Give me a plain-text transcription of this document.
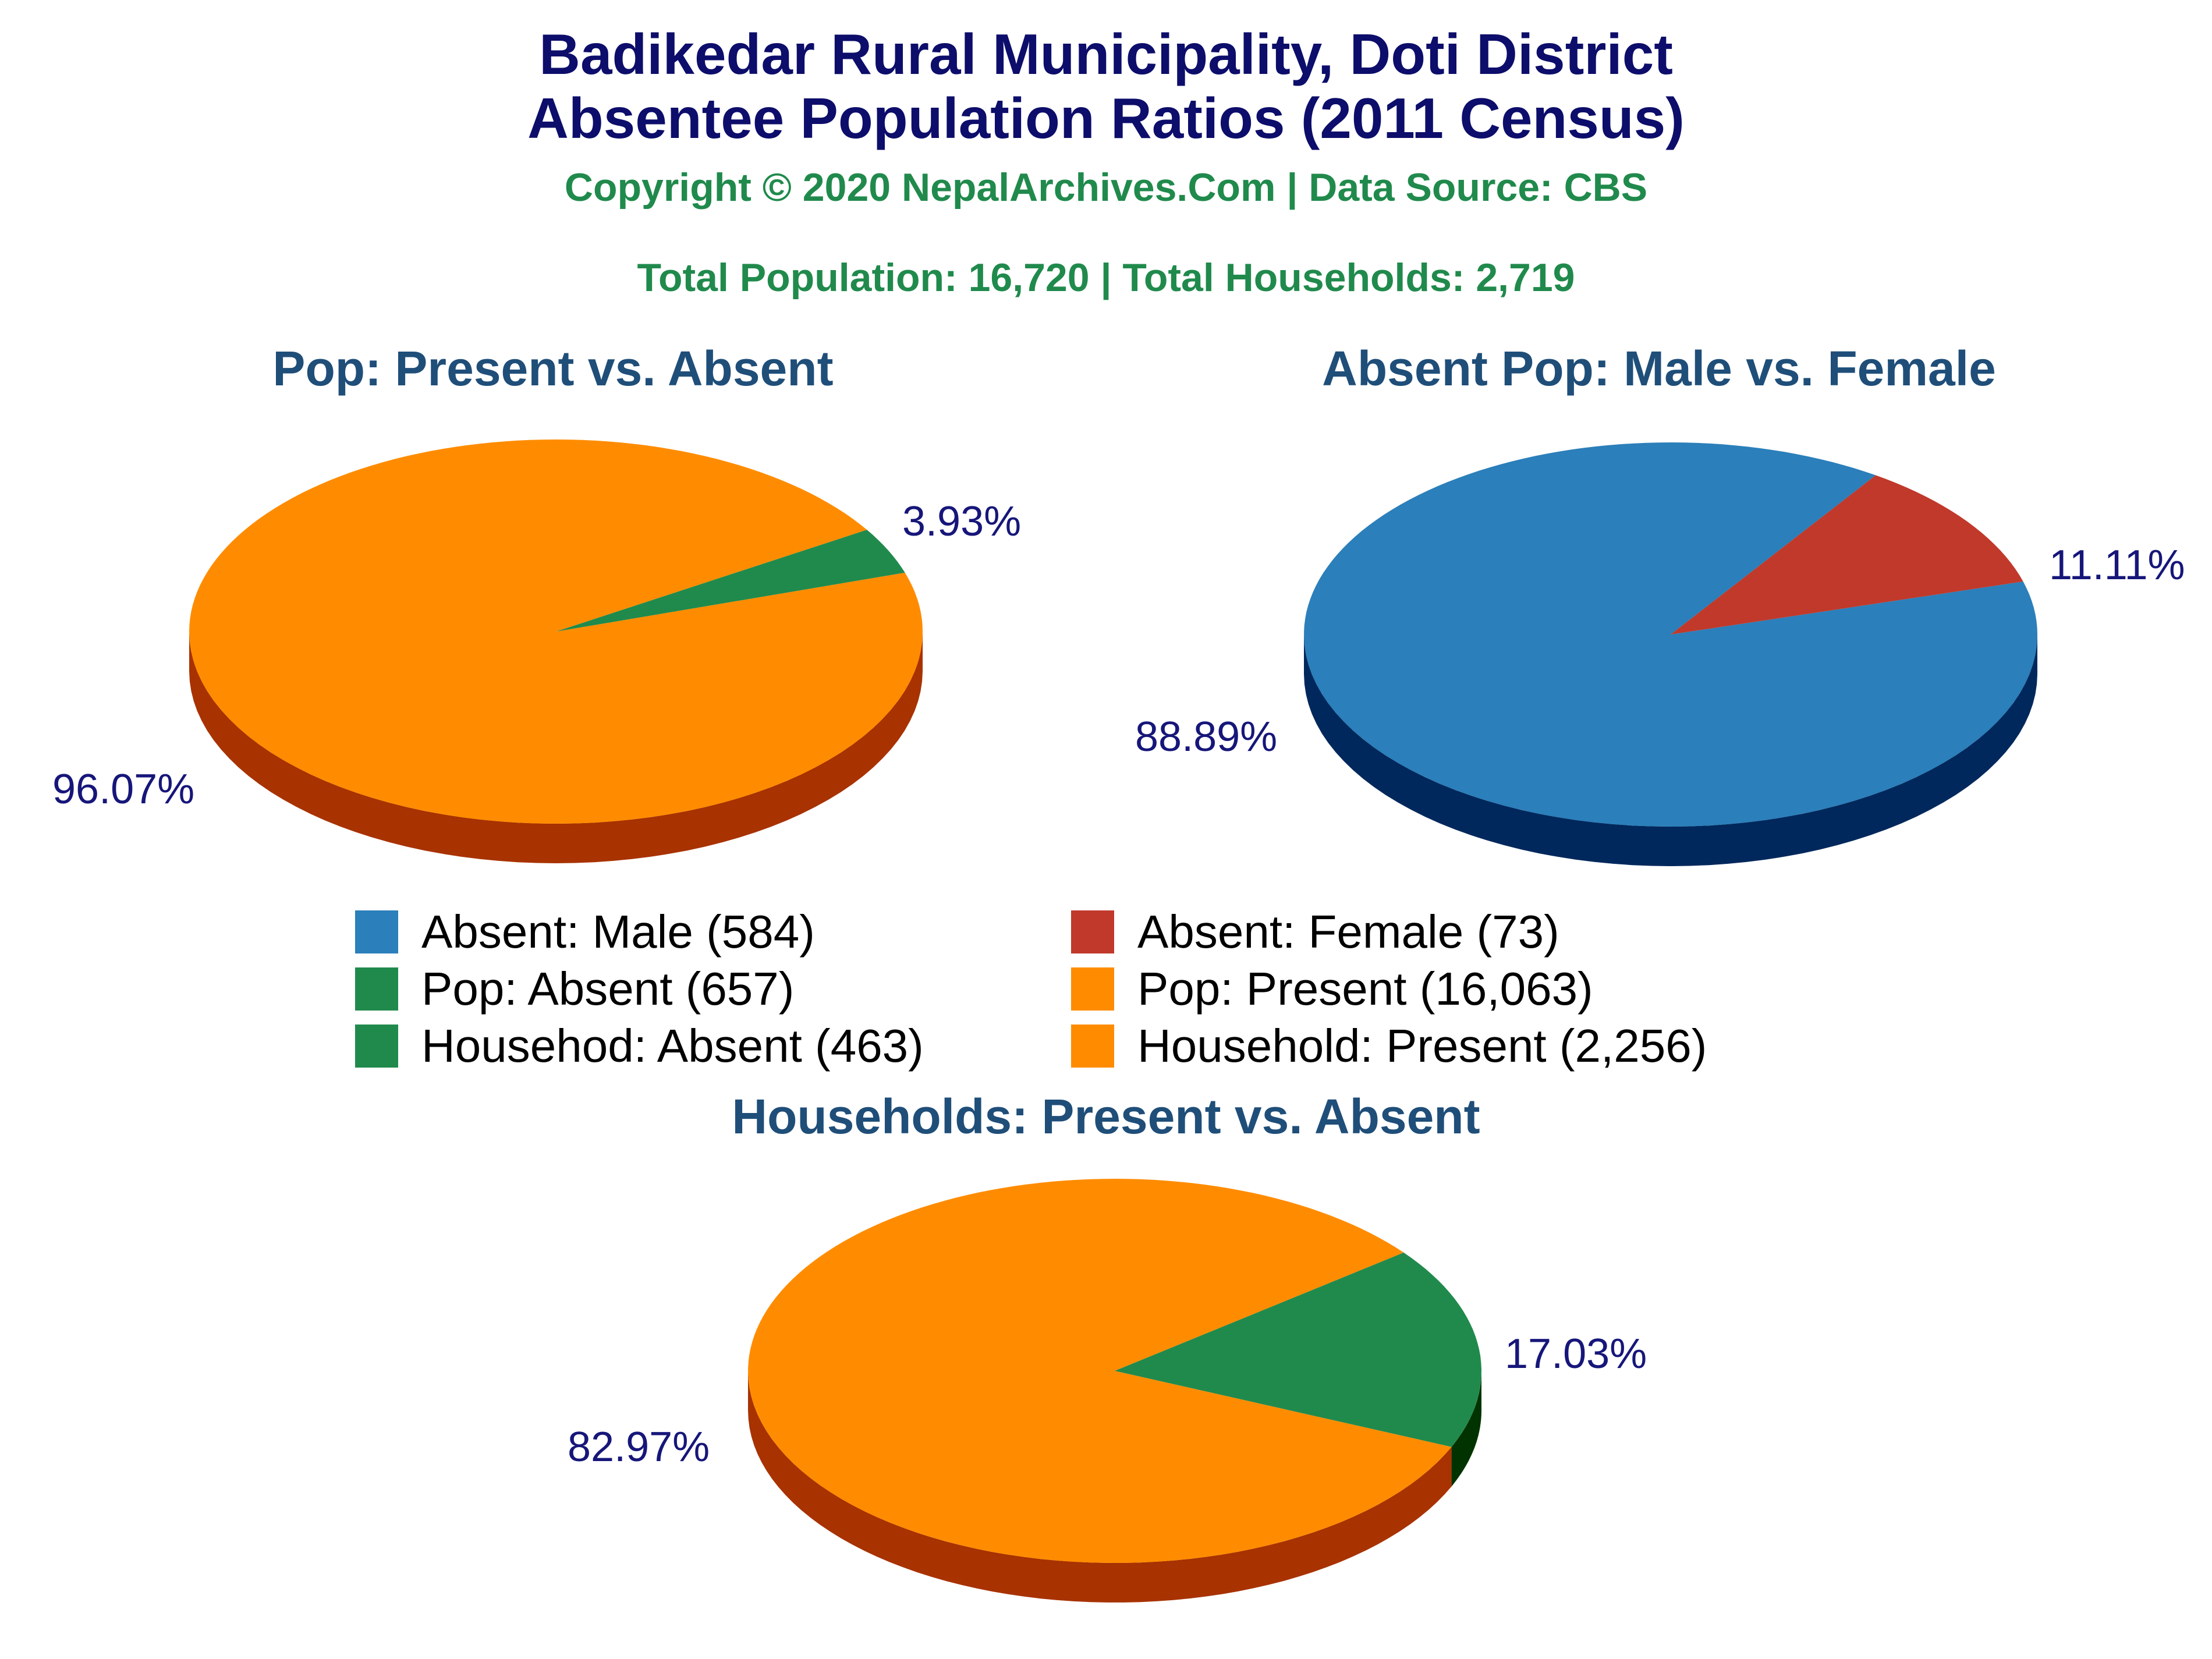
Badikedar Rural Municipality, Doti District
Absentee Population Ratios (2011 Census)
Copyright © 2020 NepalArchives.Com | Data Source: CBS
Total Population: 16,720 | Total Households: 2,719
Pop: Present vs. Absent	Absent Pop: Male vs. Female
Households: Present vs. Absent
96.07%
3.93%
88.89%
11.11%
82.97%
17.03%
Absent: Male (584)	Absent: Female (73)
Pop: Absent (657)	Pop: Present (16,063)
Househod: Absent (463)	Household: Present (2,256)
